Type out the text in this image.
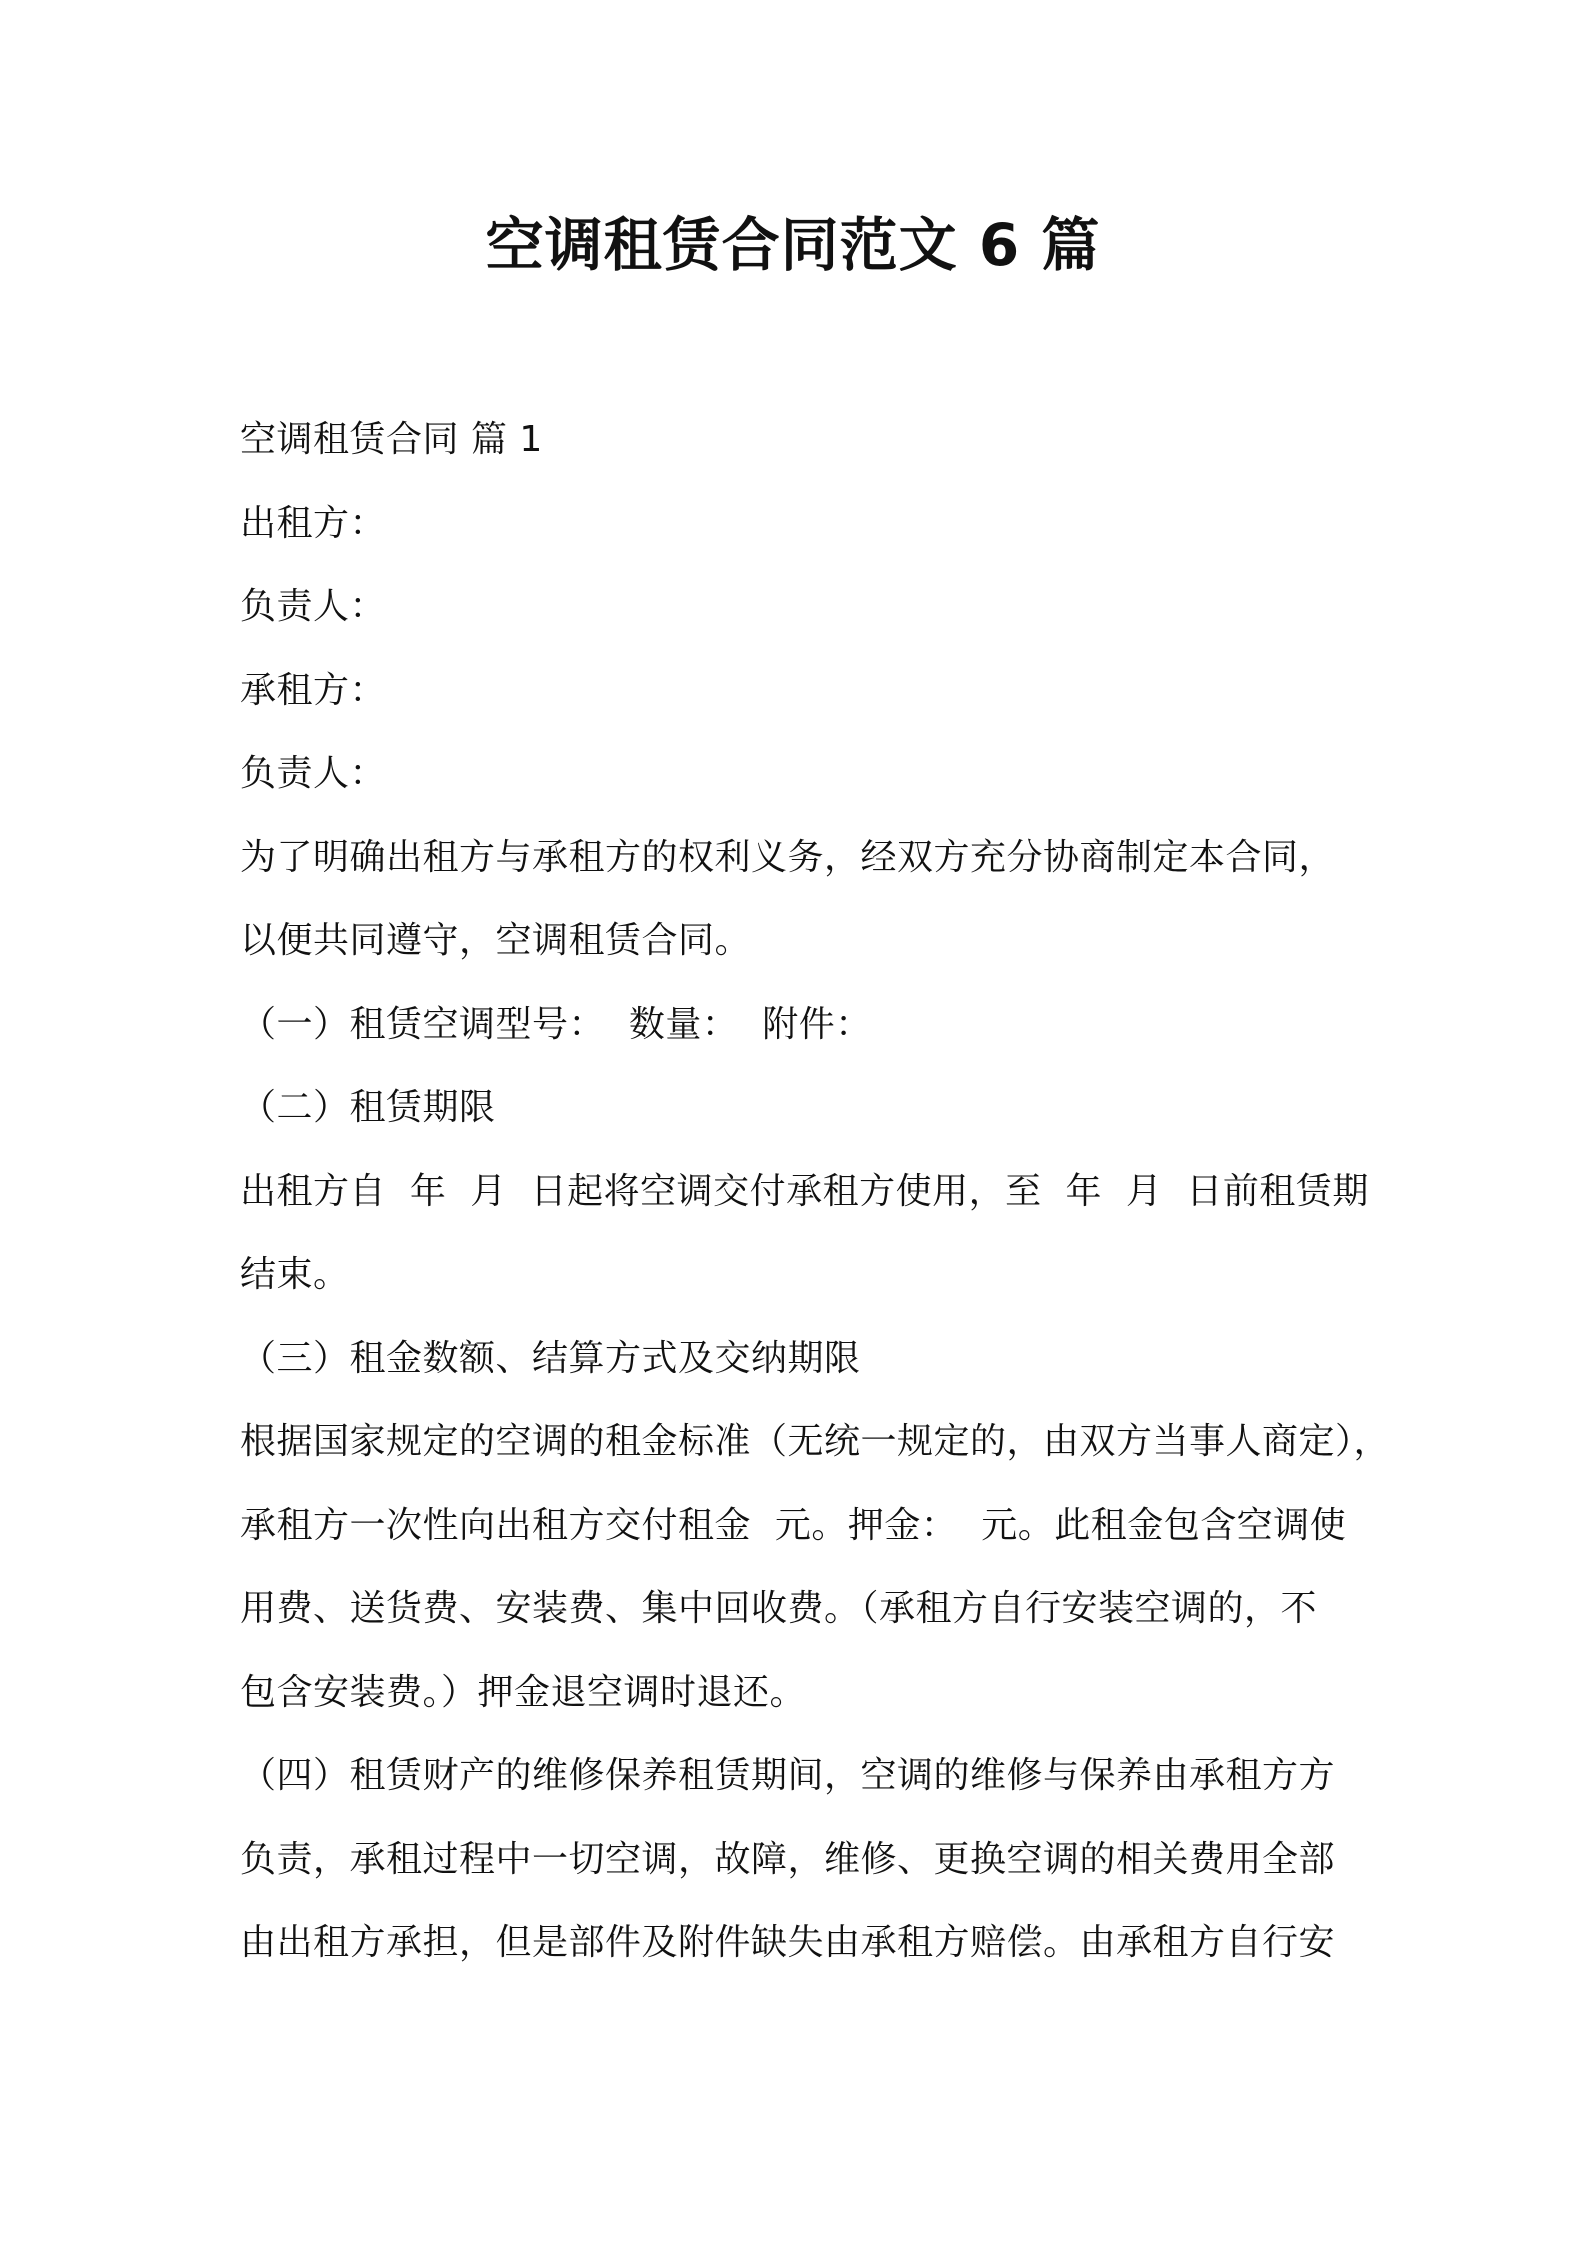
空调租赁合同范文 6 篇
空调租赁合同 篇 1
出租方：
负责人：
承租方：
负责人：
为了明确出租方与承租方的权利义务，经双方充分协商制定本合同，
以便共同遵守，空调租赁合同。
（一）租赁空调型号：  数量：  附件：
（二）租赁期限
出租方自  年  月  日起将空调交付承租方使用，至  年  月  日前租赁期
结束。
（三）租金数额、结算方式及交纳期限
根据国家规定的空调的租金标准（无统一规定的，由双方当事人商定），
承租方一次性向出租方交付租金  元。押金：  元。此租金包含空调使
用费、送货费、安装费、集中回收费。（承租方自行安装空调的，不
包含安装费。）押金退空调时退还。
（四）租赁财产的维修保养租赁期间，空调的维修与保养由承租方方
负责，承租过程中一切空调，故障，维修、更换空调的相关费用全部
由出租方承担，但是部件及附件缺失由承租方赔偿。由承租方自行安
